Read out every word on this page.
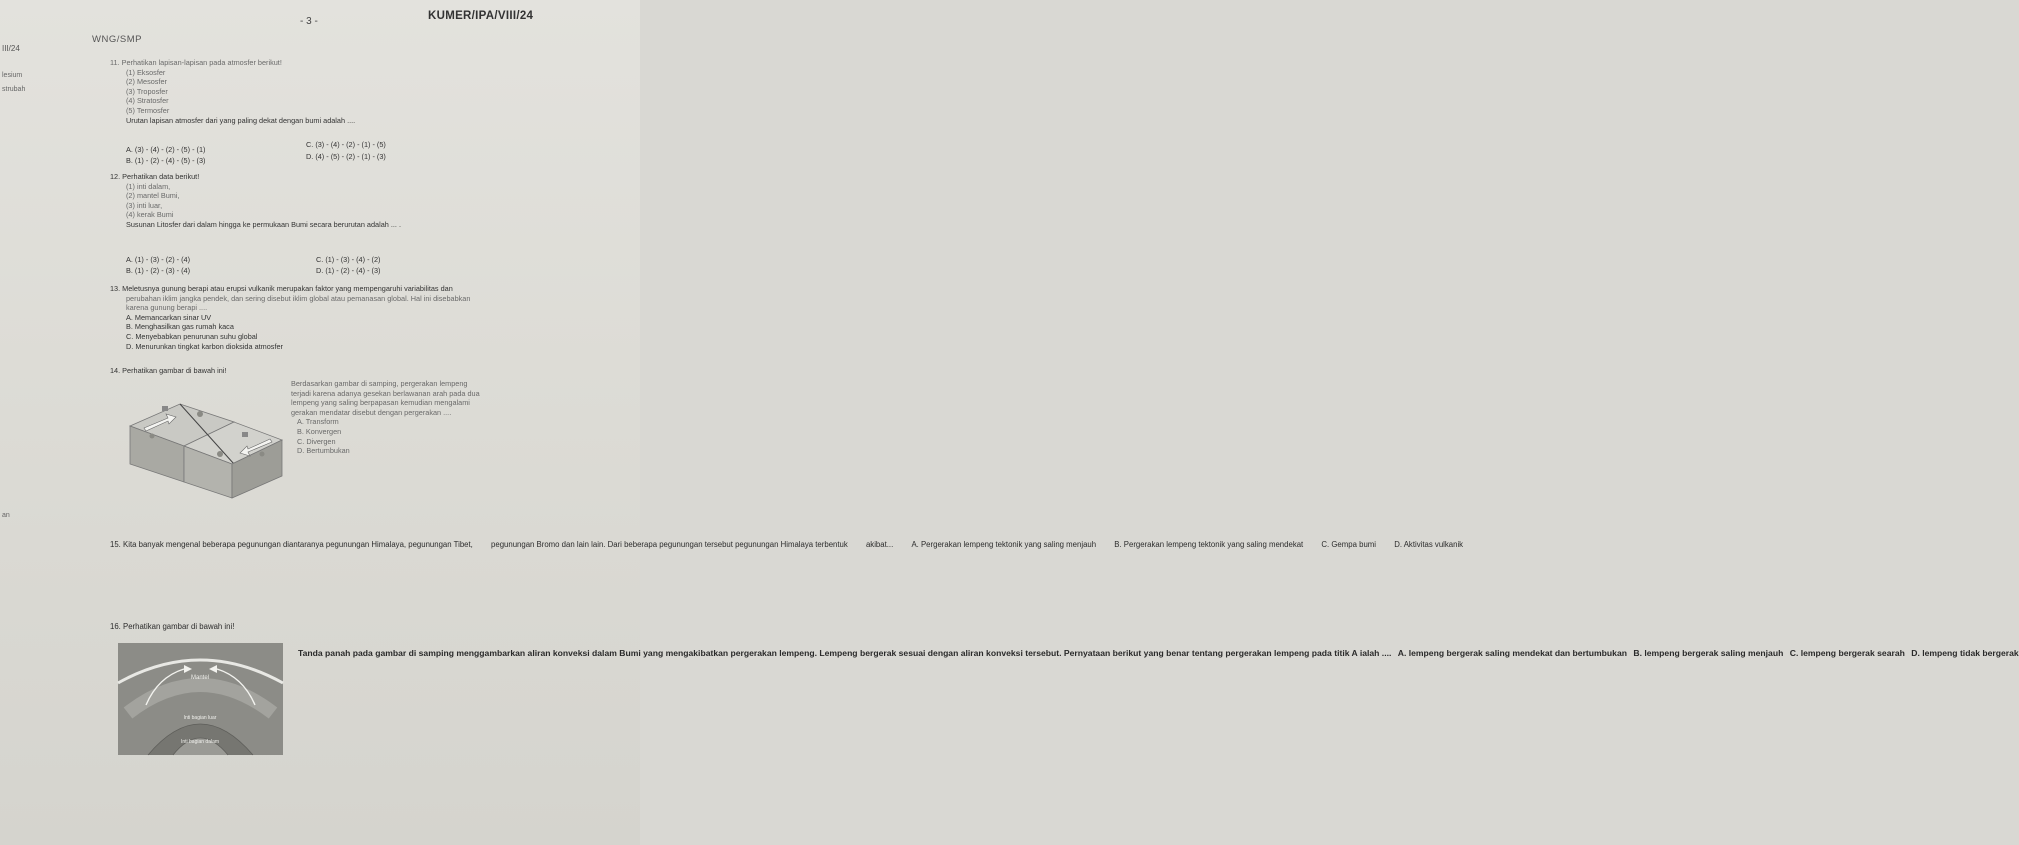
- 3 -	KUMER/IPA/VIII/24
WNG/SMP
III/24
lesium
strubah
an
11. Perhatikan lapisan-lapisan pada atmosfer berikut!
(1) Eksosfer
(2) Mesosfer
(3) Troposfer
(4) Stratosfer
(5) Termosfer
Urutan lapisan atmosfer dari yang paling dekat dengan bumi adalah ....
A. (3) - (4) - (2) - (5) - (1)
B. (1) - (2) - (4) - (5) - (3)
C. (3) - (4) - (2) - (1) - (5)
D. (4) - (5) - (2) - (1) - (3)
12. Perhatikan data berikut!
(1) inti dalam,
(2) mantel Bumi,
(3) inti luar,
(4) kerak Bumi
Susunan Litosfer dari dalam hingga ke permukaan Bumi secara berurutan adalah ... .
A. (1) - (3) - (2) - (4)
B. (1) - (2) - (3) - (4)
C. (1) - (3) - (4) - (2)
D. (1) - (2) - (4) - (3)
13. Meletusnya gunung berapi atau erupsi vulkanik merupakan faktor yang mempengaruhi variabilitas dan
perubahan iklim jangka pendek, dan sering disebut iklim global atau pemanasan global. Hal ini disebabkan
karena gunung berapi ....
A. Memancarkan sinar UV
B. Menghasilkan gas rumah kaca
C. Menyebabkan penurunan suhu global
D. Menurunkan tingkat karbon dioksida atmosfer
14. Perhatikan gambar di bawah ini!
Berdasarkan gambar di samping, pergerakan lempeng
terjadi karena adanya gesekan berlawanan arah pada dua
lempeng yang saling berpapasan kemudian mengalami
gerakan mendatar disebut dengan pergerakan ....
A. Transform
B. Konvergen
C. Divergen
D. Bertumbukan
15. Kita banyak mengenal beberapa pegunungan diantaranya pegunungan Himalaya, pegunungan Tibet, pegunungan Bromo dan lain lain. Dari beberapa pegunungan tersebut pegunungan Himalaya terbentuk akibat... A. Pergerakan lempeng tektonik yang saling menjauh B. Pergerakan lempeng tektonik yang saling mendekat C. Gempa bumi D. Aktivitas vulkanik
16. Perhatikan gambar di bawah ini!
Mantel
Inti bagian luar
Inti bagian dalam
Tanda panah pada gambar di samping menggambarkan aliran konveksi dalam Bumi yang mengakibatkan pergerakan lempeng. Lempeng bergerak sesuai dengan aliran konveksi tersebut. Pernyataan berikut yang benar tentang pergerakan lempeng pada titik A ialah .... A. lempeng bergerak saling mendekat dan bertumbukan B. lempeng bergerak saling menjauh C. lempeng bergerak searah D. lempeng tidak bergerak
